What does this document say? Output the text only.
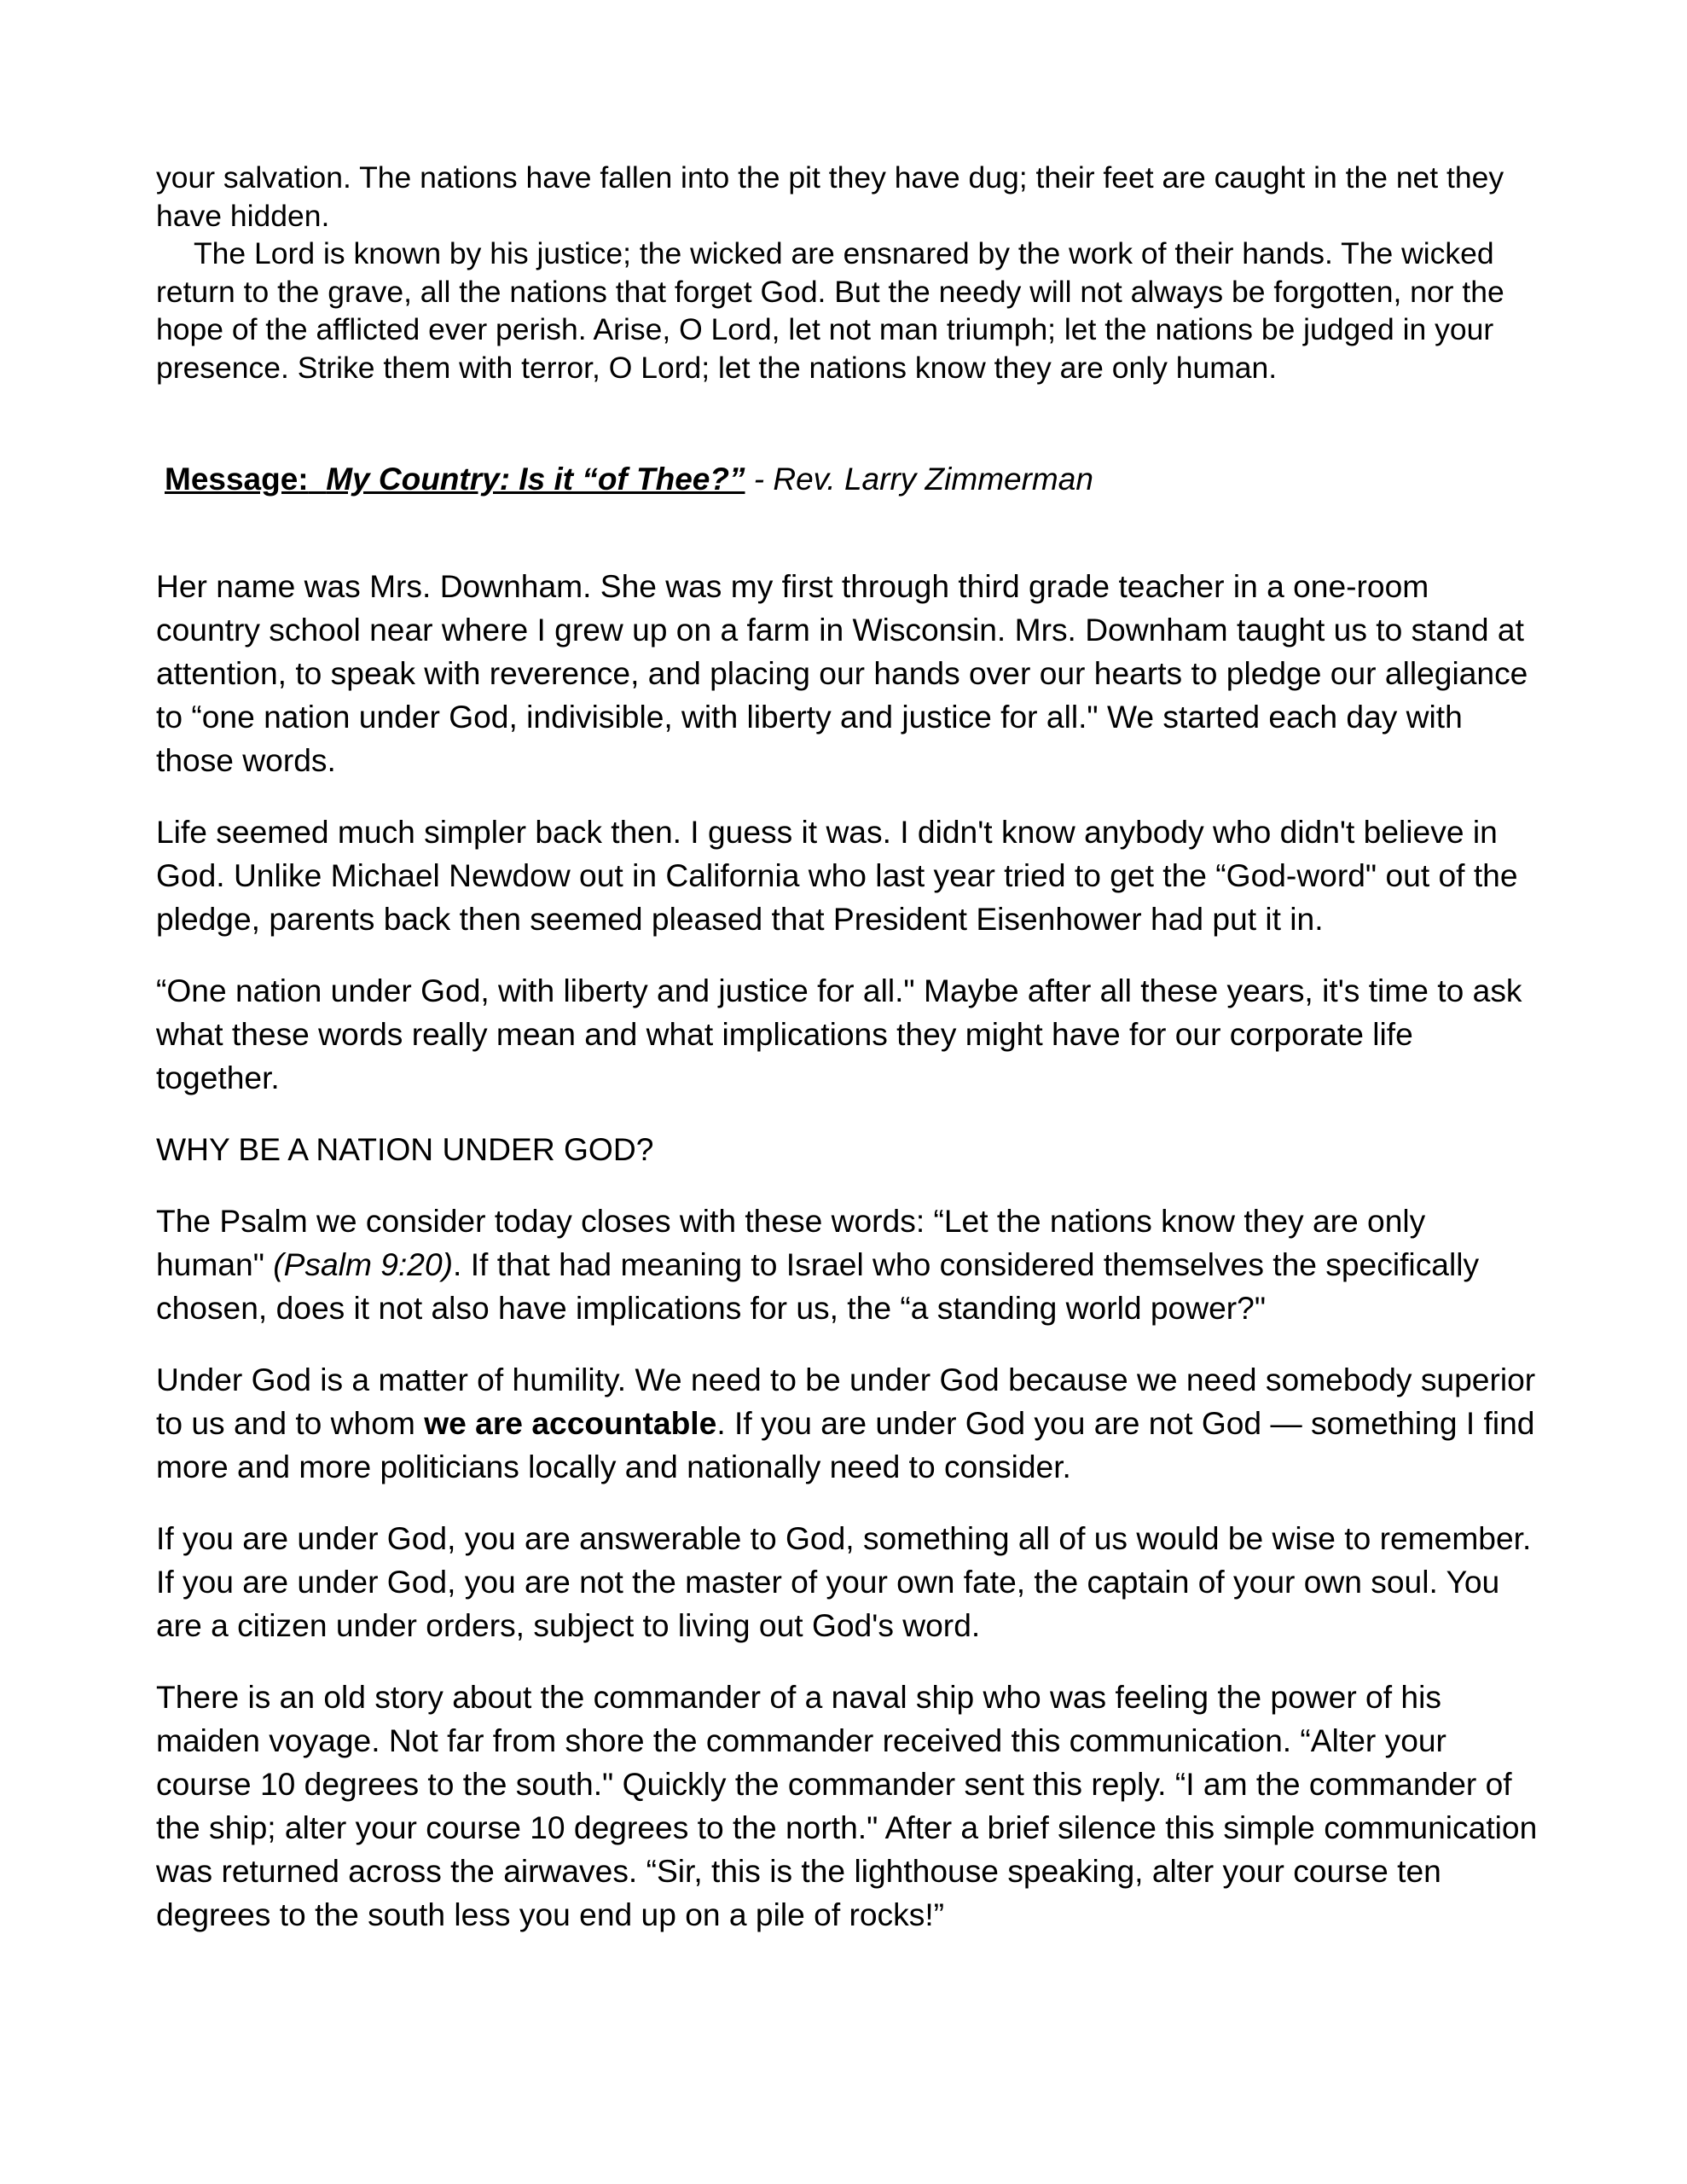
your salvation. The nations have fallen into the pit they have dug; their feet are caught in the net they have hidden.

The Lord is known by his justice; the wicked are ensnared by the work of their hands. The wicked return to the grave, all the nations that forget God. But the needy will not always be forgotten, nor the hope of the afflicted ever perish. Arise, O Lord, let not man triumph; let the nations be judged in your presence. Strike them with terror, O Lord; let the nations know they are only human.

Message: My Country: Is it “of Thee?” - Rev. Larry Zimmerman

Her name was Mrs. Downham. She was my first through third grade teacher in a one-room country school near where I grew up on a farm in Wisconsin. Mrs. Downham taught us to stand at attention, to speak with reverence, and placing our hands over our hearts to pledge our allegiance to “one nation under God, indivisible, with liberty and justice for all." We started each day with those words.

Life seemed much simpler back then. I guess it was. I didn't know anybody who didn't believe in God. Unlike Michael Newdow out in California who last year tried to get the “God-word" out of the pledge, parents back then seemed pleased that President Eisenhower had put it in.

“One nation under God, with liberty and justice for all." Maybe after all these years, it's time to ask what these words really mean and what implications they might have for our corporate life together.

WHY BE A NATION UNDER GOD?

The Psalm we consider today closes with these words: “Let the nations know they are only human" (Psalm 9:20). If that had meaning to Israel who considered themselves the specifically chosen, does it not also have implications for us, the “a standing world power?"

Under God is a matter of humility. We need to be under God because we need somebody superior to us and to whom we are accountable. If you are under God you are not God — something I find more and more politicians locally and nationally need to consider.

If you are under God, you are answerable to God, something all of us would be wise to remember. If you are under God, you are not the master of your own fate, the captain of your own soul. You are a citizen under orders, subject to living out God's word.

There is an old story about the commander of a naval ship who was feeling the power of his maiden voyage. Not far from shore the commander received this communication. “Alter your course 10 degrees to the south." Quickly the commander sent this reply. “I am the commander of the ship; alter your course 10 degrees to the north." After a brief silence this simple communication was returned across the airwaves. “Sir, this is the lighthouse speaking, alter your course ten degrees to the south less you end up on a pile of rocks!”
